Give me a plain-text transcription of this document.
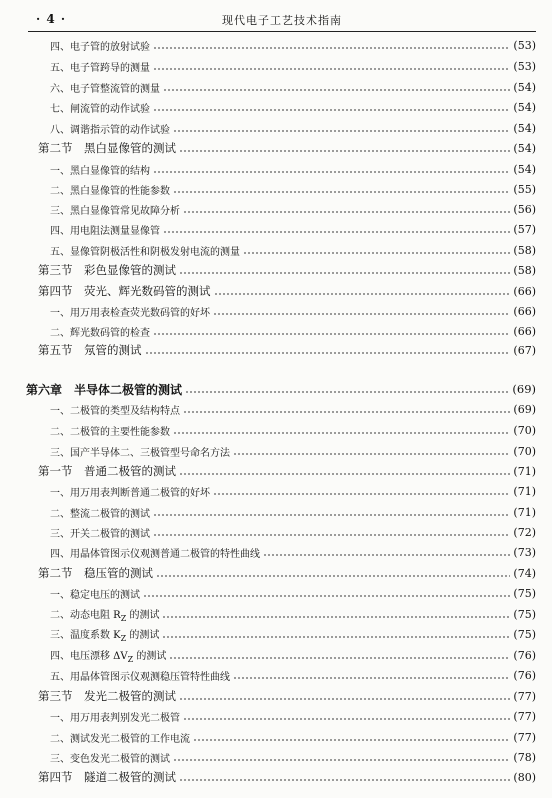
· 4 ·	现代电子工艺技术指南
四、电子管的放射试验	(53)
五、电子管跨导的测量	(53)
六、电子管整流管的测量	(54)
七、闸流管的动作试验	(54)
八、调谐指示管的动作试验	(54)
第二节　黑白显像管的测试	(54)
一、黑白显像管的结构	(54)
二、黑白显像管的性能参数	(55)
三、黑白显像管常见故障分析	(56)
四、用电阻法测量显像管	(57)
五、显像管阴极活性和阴极发射电流的测量	(58)
第三节　彩色显像管的测试	(58)
第四节　荧光、辉光数码管的测试	(66)
一、用万用表检查荧光数码管的好坏	(66)
二、辉光数码管的检查	(66)
第五节　氖管的测试	(67)
第六章　半导体二极管的测试	(69)
一、二极管的类型及结构特点	(69)
二、二极管的主要性能参数	(70)
三、国产半导体二、三极管型号命名方法	(70)
第一节　普通二极管的测试	(71)
一、用万用表判断普通二极管的好坏	(71)
二、整流二极管的测试	(71)
三、开关二极管的测试	(72)
四、用晶体管图示仪观测普通二极管的特性曲线	(73)
第二节　稳压管的测试	(74)
一、稳定电压的测试	(75)
二、动态电阻 $R_Z$ 的测试	(75)
三、温度系数 $K_Z$ 的测试	(75)
四、电压漂移 $\Delta V_Z$ 的测试	(76)
五、用晶体管图示仪观测稳压管特性曲线	(76)
第三节　发光二极管的测试	(77)
一、用万用表判别发光二极管	(77)
二、测试发光二极管的工作电流	(77)
三、变色发光二极管的测试	(78)
第四节　隧道二极管的测试	(80)
